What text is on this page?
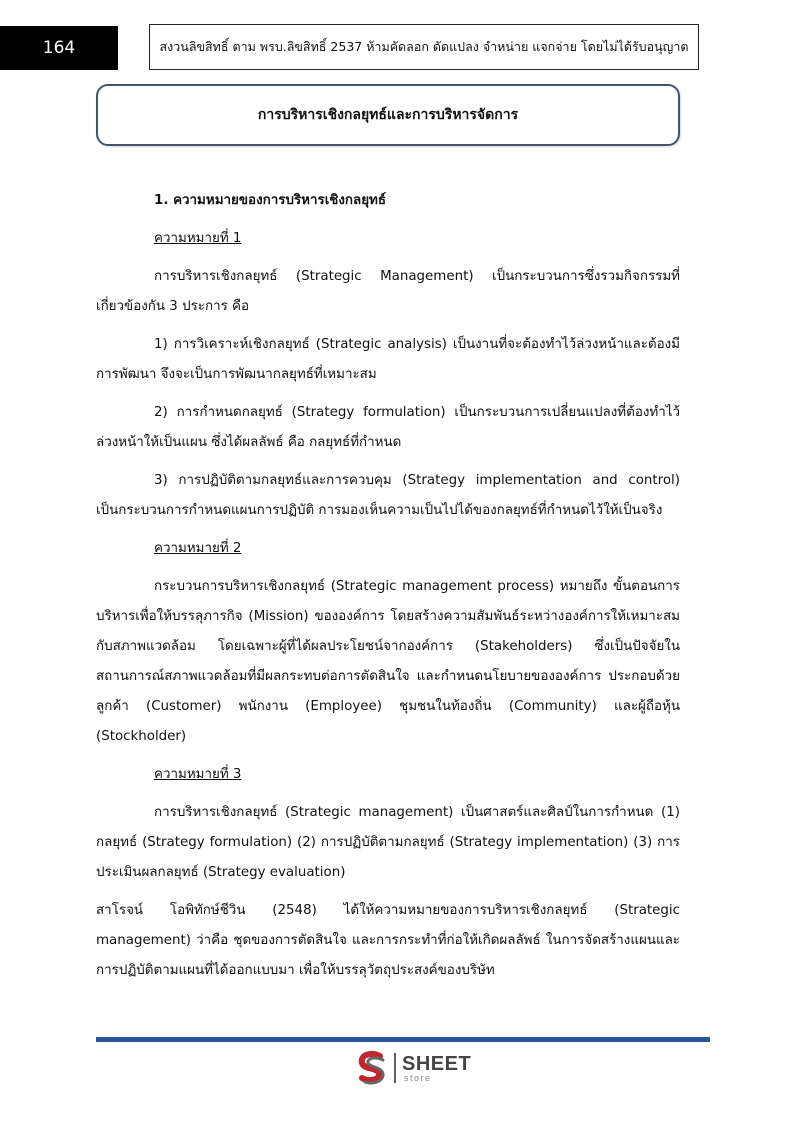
164	สงวนลิขสิทธิ์ ตาม พรบ.ลิขสิทธิ์ 2537 ห้ามคัดลอก ดัดแปลง จำหน่าย แจกจ่าย โดยไม่ได้รับอนุญาต
การบริหารเชิงกลยุทธ์และการบริหารจัดการ

1. ความหมายของการบริหารเชิงกลยุทธ์

ความหมายที่ 1

การบริหารเชิงกลยุทธ์ (Strategic Management) เป็นกระบวนการซึ่งรวมกิจกรรมที่เกี่ยวข้องกัน 3 ประการ คือ

1) การวิเคราะห์เชิงกลยุทธ์ (Strategic analysis) เป็นงานที่จะต้องทำไว้ล่วงหน้าและต้องมีการพัฒนา จึงจะเป็นการพัฒนากลยุทธ์ที่เหมาะสม

2) การกำหนดกลยุทธ์ (Strategy formulation) เป็นกระบวนการเปลี่ยนแปลงที่ต้องทำไว้ล่วงหน้าให้เป็นแผน ซึ่งได้ผลลัพธ์ คือ กลยุทธ์ที่กำหนด

3) การปฏิบัติตามกลยุทธ์และการควบคุม (Strategy implementation and control) เป็นกระบวนการกำหนดแผนการปฏิบัติ การมองเห็นความเป็นไปได้ของกลยุทธ์ที่กำหนดไว้ให้เป็นจริง

ความหมายที่ 2

กระบวนการบริหารเชิงกลยุทธ์ (Strategic management process) หมายถึง ขั้นตอนการบริหารเพื่อให้บรรลุภารกิจ (Mission) ขององค์การ โดยสร้างความสัมพันธ์ระหว่างองค์การให้เหมาะสมกับสภาพแวดล้อม โดยเฉพาะผู้ที่ได้ผลประโยชน์จากองค์การ (Stakeholders) ซึ่งเป็นปัจจัยในสถานการณ์สภาพแวดล้อมที่มีผลกระทบต่อการตัดสินใจ และกำหนดนโยบายขององค์การ ประกอบด้วย ลูกค้า (Customer) พนักงาน (Employee) ชุมชนในท้องถิ่น (Community) และผู้ถือหุ้น (Stockholder)

ความหมายที่ 3

การบริหารเชิงกลยุทธ์ (Strategic management) เป็นศาสตร์และศิลป์ในการกำหนด (1) กลยุทธ์ (Strategy formulation) (2) การปฏิบัติตามกลยุทธ์ (Strategy implementation) (3) การประเมินผลกลยุทธ์ (Strategy evaluation)

สาโรจน์ โอพิทักษ์ชีวิน (2548) ได้ให้ความหมายของการบริหารเชิงกลยุทธ์ (Strategic management) ว่าคือ ชุดของการตัดสินใจ และการกระทำที่ก่อให้เกิดผลลัพธ์ ในการจัดสร้างแผนและการปฏิบัติตามแผนที่ได้ออกแบบมา เพื่อให้บรรลุวัตถุประสงค์ของบริษัท

SHEET
store
